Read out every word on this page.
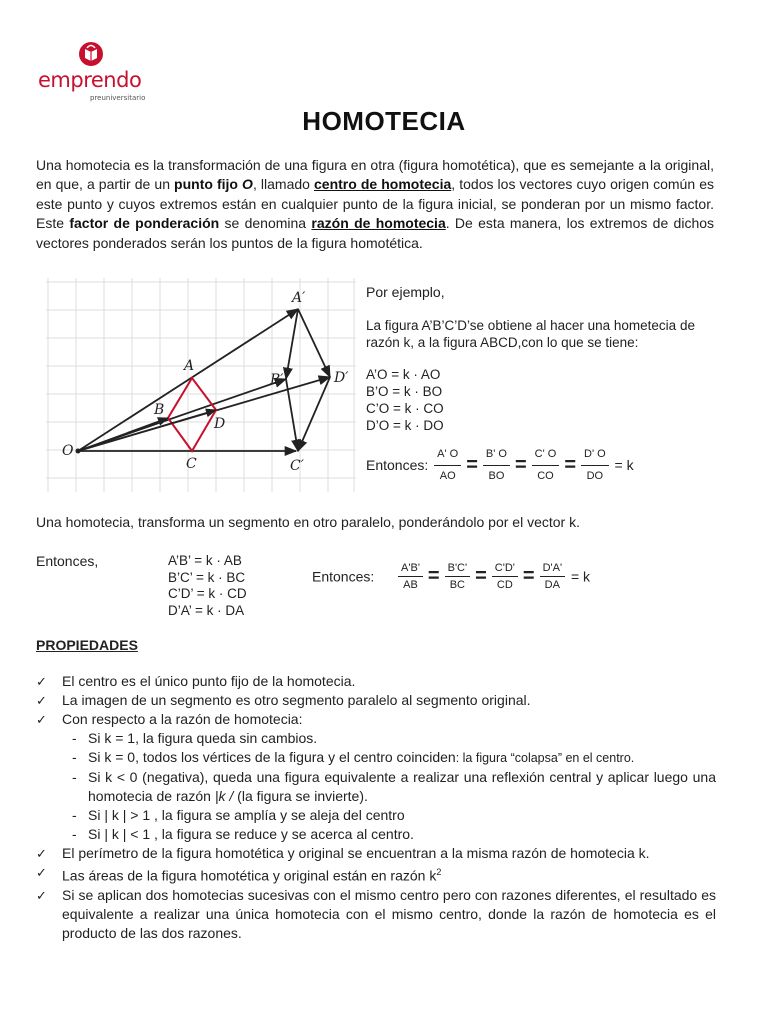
emprendo
preuniversitario
HOMOTECIA
Una homotecia es la transformación de una figura en otra (figura homotética), que es semejante a la original, en que, a partir de un punto fijo O, llamado centro de homotecia, todos los vectores cuyo origen común es este punto y cuyos extremos están en cualquier punto de la figura inicial, se ponderan por un mismo factor. Este factor de ponderación se denomina razón de homotecia. De esta manera, los extremos de dichos vectores ponderados serán los puntos de la figura homotética.
O
A
B
C
D
A′
B′
C′
D′

Por ejemplo,

La figura A’B’C’D’se obtiene al hacer una hometecia de

razón k, a la figura ABCD,con lo que se tiene:

A’O = k · AO
B’O = k · BO
C’O = k · CO
D’O = k · DO
Entonces: $\frac{A' O}{AO} = \frac{B' O}{BO} = \frac{C' O}{CO} = \frac{D' O}{DO} = k$
Una homotecia, transforma un segmento en otro paralelo, ponderándolo por el vector k.
Entonces,	A’B’ = k · AB
B’C’ = k · BC
C’D’ = k · CD
D’A’ = k · DA
Entonces: $\frac{A'B'}{AB} = \frac{B'C'}{BC} = \frac{C'D'}{CD} = \frac{D'A'}{DA} = k$
PROPIEDADES
✓ El centro es el único punto fijo de la homotecia.
✓ La imagen de un segmento es otro segmento paralelo al segmento original.
✓ Con respecto a la razón de homotecia:
- Si k = 1, la figura queda sin cambios.
- Si k = 0, todos los vértices de la figura y el centro coinciden: la figura “colapsa” en el centro.
- Si k < 0 (negativa), queda una figura equivalente a realizar una reflexión central y aplicar luego una homotecia de razón |k / (la figura se invierte).
- Si | k | > 1 , la figura se amplía y se aleja del centro
- Si | k | < 1 , la figura se reduce y se acerca al centro.
✓ El perímetro de la figura homotética y original se encuentran a la misma razón de homotecia k.
✓ Las áreas de la figura homotética y original están en razón $k^2$
✓ Si se aplican dos homotecias sucesivas con el mismo centro pero con razones diferentes, el resultado es equivalente a realizar una única homotecia con el mismo centro, donde la razón de homotecia es el producto de las dos razones.
